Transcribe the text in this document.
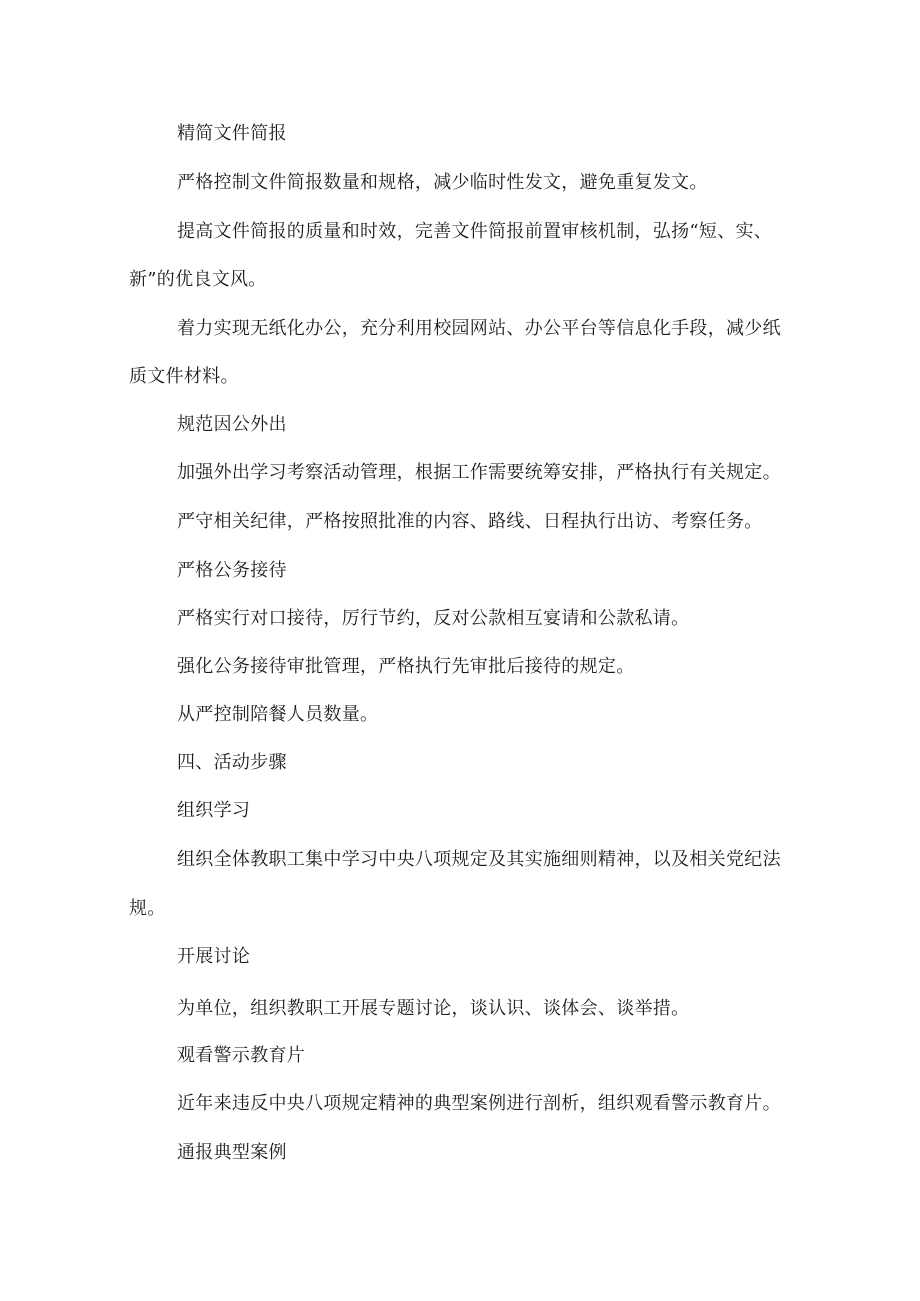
精简文件简报

严格控制文件简报数量和规格，减少临时性发文，避免重复发文。

提高文件简报的质量和时效，完善文件简报前置审核机制，弘扬“短、实、

新”的优良文风。

着力实现无纸化办公，充分利用校园网站、办公平台等信息化手段，减少纸

质文件材料。

规范因公外出

加强外出学习考察活动管理，根据工作需要统筹安排，严格执行有关规定。

严守相关纪律，严格按照批准的内容、路线、日程执行出访、考察任务。

严格公务接待

严格实行对口接待，厉行节约，反对公款相互宴请和公款私请。

强化公务接待审批管理，严格执行先审批后接待的规定。

从严控制陪餐人员数量。

四、活动步骤

组织学习

组织全体教职工集中学习中央八项规定及其实施细则精神，以及相关党纪法

规。

开展讨论

为单位，组织教职工开展专题讨论，谈认识、谈体会、谈举措。

观看警示教育片

近年来违反中央八项规定精神的典型案例进行剖析，组织观看警示教育片。

通报典型案例
